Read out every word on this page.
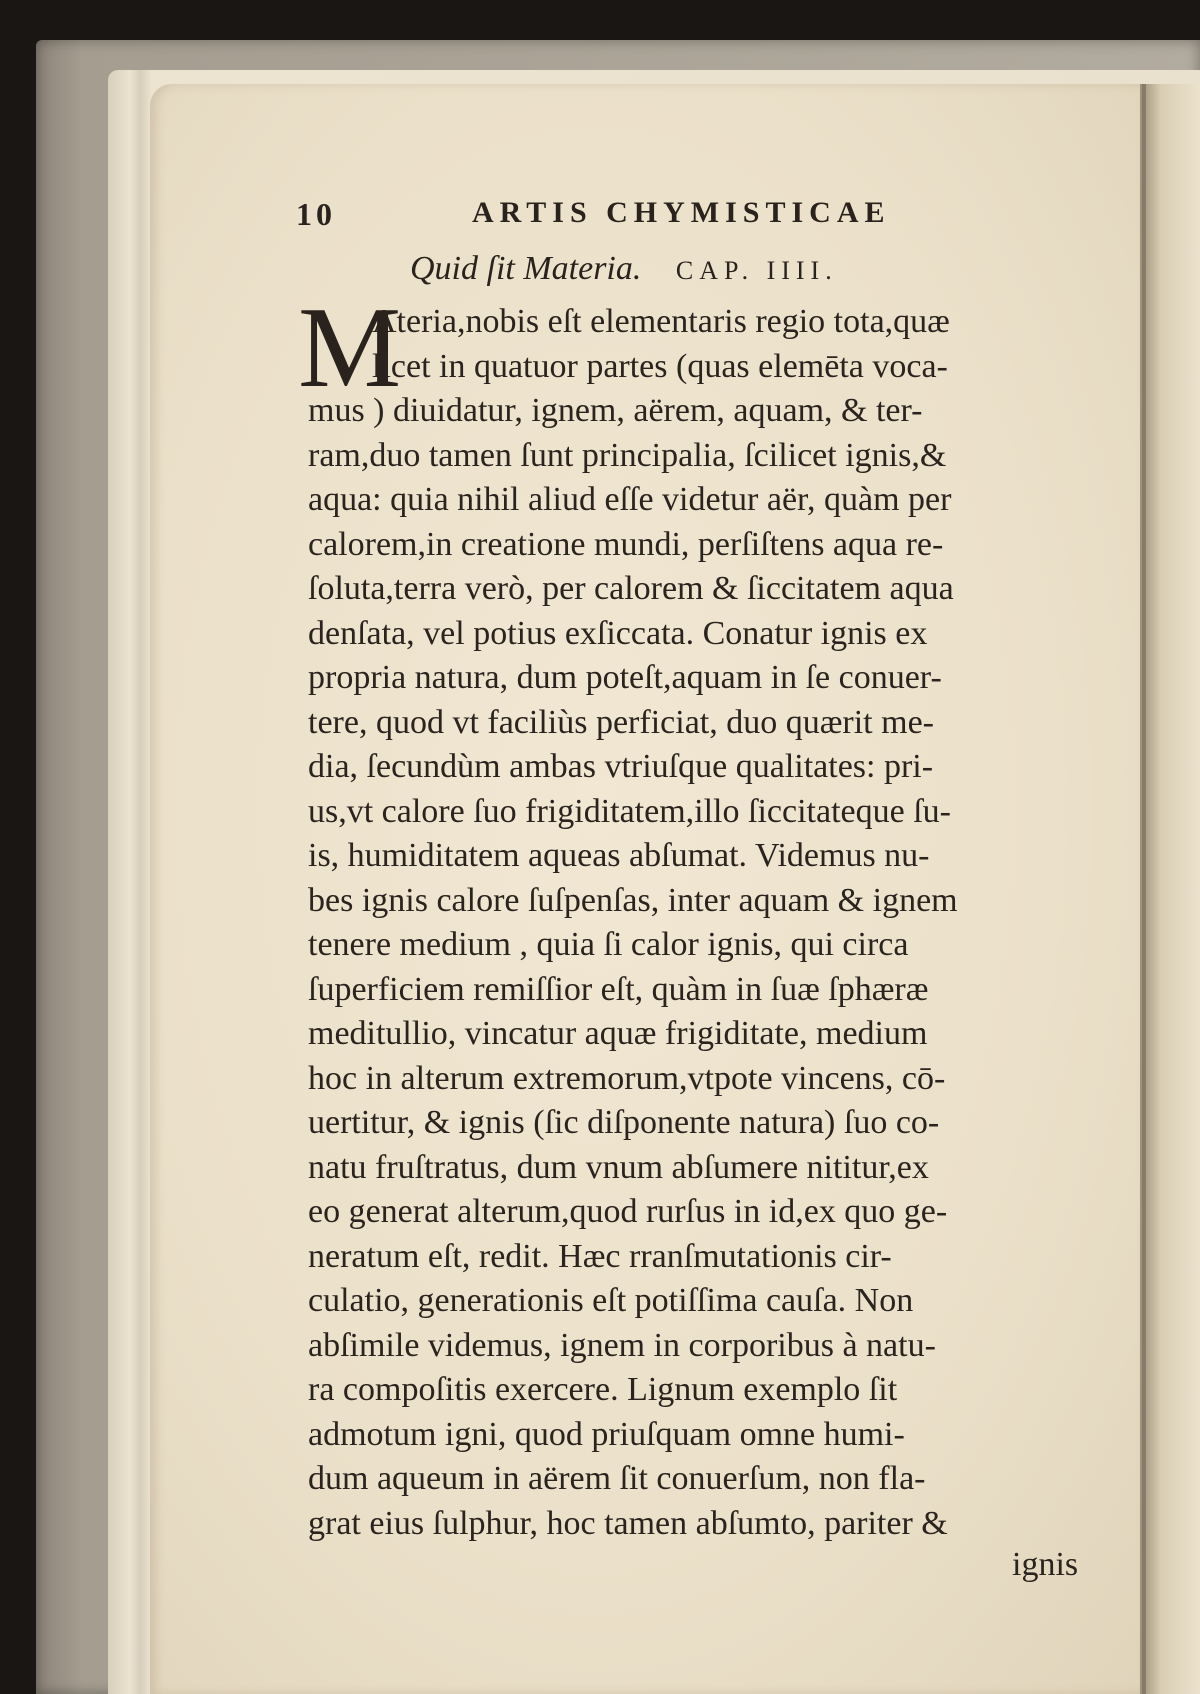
10	ARTIS CHYMISTICAE
Quid ſit Materia. CAP. IIII.
M
Ateria,nobis eſt elementaris regio tota,quæ
licet in quatuor partes (quas elemēta voca-
mus ) diuidatur, ignem, aërem, aquam, & ter-
ram,duo tamen ſunt principalia, ſcilicet ignis,&
aqua: quia nihil aliud eſſe videtur aër, quàm per
calorem,in creatione mundi, perſiſtens aqua re-
ſoluta,terra verò, per calorem & ſiccitatem aqua
denſata, vel potius exſiccata. Conatur ignis ex
propria natura, dum poteſt,aquam in ſe conuer-
tere, quod vt faciliùs perficiat, duo quærit me-
dia, ſecundùm ambas vtriuſque qualitates: pri-
us,vt calore ſuo frigiditatem,illo ſiccitateque ſu-
is, humiditatem aqueas abſumat. Videmus nu-
bes ignis calore ſuſpenſas, inter aquam & ignem
tenere medium , quia ſi calor ignis, qui circa
ſuperficiem remiſſior eſt, quàm in ſuæ ſphæræ
meditullio, vincatur aquæ frigiditate, medium
hoc in alterum extremorum,vtpote vincens, cō-
uertitur, & ignis (ſic diſponente natura) ſuo co-
natu fruſtratus, dum vnum abſumere nititur,ex
eo generat alterum,quod rurſus in id,ex quo ge-
neratum eſt, redit. Hæc rranſmutationis cir-
culatio, generationis eſt potiſſima cauſa. Non
abſimile videmus, ignem in corporibus à natu-
ra compoſitis exercere. Lignum exemplo ſit
admotum igni, quod priuſquam omne humi-
dum aqueum in aërem ſit conuerſum, non fla-
grat eius ſulphur, hoc tamen abſumto, pariter &
ignis
